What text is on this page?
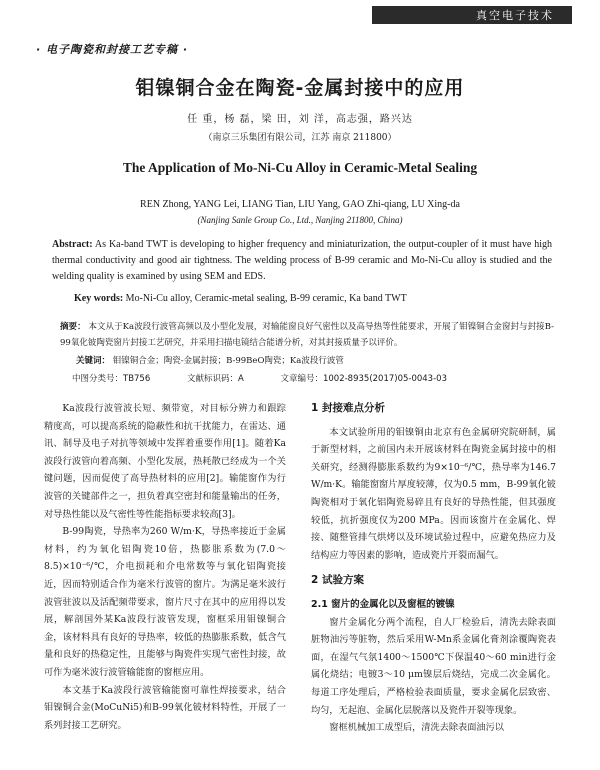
真空电子技术
· 电子陶瓷和封接工艺专稿 ·
钼镍铜合金在陶瓷-金属封接中的应用
任 重，杨 磊，梁 田，刘 洋，高志强，路兴达
（南京三乐集团有限公司，江苏 南京 211800）
The Application of Mo-Ni-Cu Alloy in Ceramic-Metal Sealing
REN Zhong, YANG Lei, LIANG Tian, LIU Yang, GAO Zhi-qiang, LU Xing-da
(Nanjing Sanle Group Co., Ltd., Nanjing 211800, China)
Abstract: As Ka-band TWT is developing to higher frequency and miniaturization, the output-coupler of it must have high thermal conductivity and good air tightness. The welding process of B-99 ceramic and Mo-Ni-Cu alloy is studied and the welding quality is examined by using SEM and EDS.
Key words: Mo-Ni-Cu alloy, Ceramic-metal sealing, B-99 ceramic, Ka band TWT
摘要： 本文从于Ka波段行波管高频以及小型化发展，对输能窗良好气密性以及高导热等性能要求，开展了钼镍铜合金窗封与封接B-99氧化铍陶瓷窗片封接工艺研究，并采用扫描电镜结合能谱分析，对其封接质量予以评价。
关键词： 钼镍铜合金；陶瓷-金属封接；B-99BeO陶瓷；Ka波段行波管
中图分类号：TB756	文献标识码：A	文章编号：1002-8935(2017)05-0043-03

Ka波段行波管波长短、频带宽，对目标分辨力和跟踪精度高，可以提高系统的隐蔽性和抗干扰能力，在雷达、通讯、制导及电子对抗等领域中发挥着重要作用[1]。随着Ka波段行波管向着高频、小型化发展，热耗散已经成为一个关键问题，因而促使了高导热材料的应用[2]。输能窗作为行波管的关键部件之一，担负着真空密封和能量输出的任务，对导热性能以及气密性等性能指标要求较高[3]。

B-99陶瓷，导热率为260 W/m·K，导热率接近于金属材料，约为氧化铝陶瓷10倍，热膨胀系数为(7.0～8.5)×10⁻⁶/℃，介电损耗和介电常数等与氧化铝陶瓷接近，因而特别适合作为毫米行波管的窗片。为满足毫米波行波管驻波以及活配频带要求，窗片尺寸在其中的应用得以发展，解剖国外某Ka波段行波管发现，窗框采用钼镍铜合金，该材料具有良好的导热率，较低的热膨胀系数，低含气量和良好的热稳定性，且能够与陶瓷件实现气密性封接，故可作为毫米波行波管输能窗的窗框应用。

本文基于Ka波段行波管输能窗可靠性焊接要求，结合钼镍铜合金(MoCuNi5)和B-99氧化铍材料特性，开展了一系列封接工艺研究。

1 封接难点分析

本文试验所用的钼镍铜由北京有色金属研究院研制，属于新型材料，之前国内未开展该材料在陶瓷金属封接中的相关研究，经测得膨胀系数约为9×10⁻⁶/℃，热导率为146.7 W/m·K。输能窗窗片厚度较薄，仅为0.5 mm，B-99氧化铍陶瓷相对于氧化铝陶瓷易碎且有良好的导热性能，但其强度较低，抗折强度仅为200 MPa。因而该窗片在金属化、焊接、随整管排气烘烤以及环境试验过程中，应避免热应力及结构应力等因素的影响，造成瓷片开裂而漏气。

2 试验方案
2.1 窗片的金属化以及窗框的镀镍

窗片金属化分两个流程，自人厂检验后，清洗去除表面脏物油污等脏物，然后采用W-Mn系金属化膏剂涂覆陶瓷表面，在湿气气氛1400～1500℃下保温40～60 min进行金属化烧结；电镀3～10 μm镍层后烧结，完成二次金属化。每道工序处理后，严格检验表面质量，要求金属化层致密、均匀，无起泡、金属化层脱落以及瓷件开裂等现象。

窗框机械加工成型后，清洗去除表面油污以
